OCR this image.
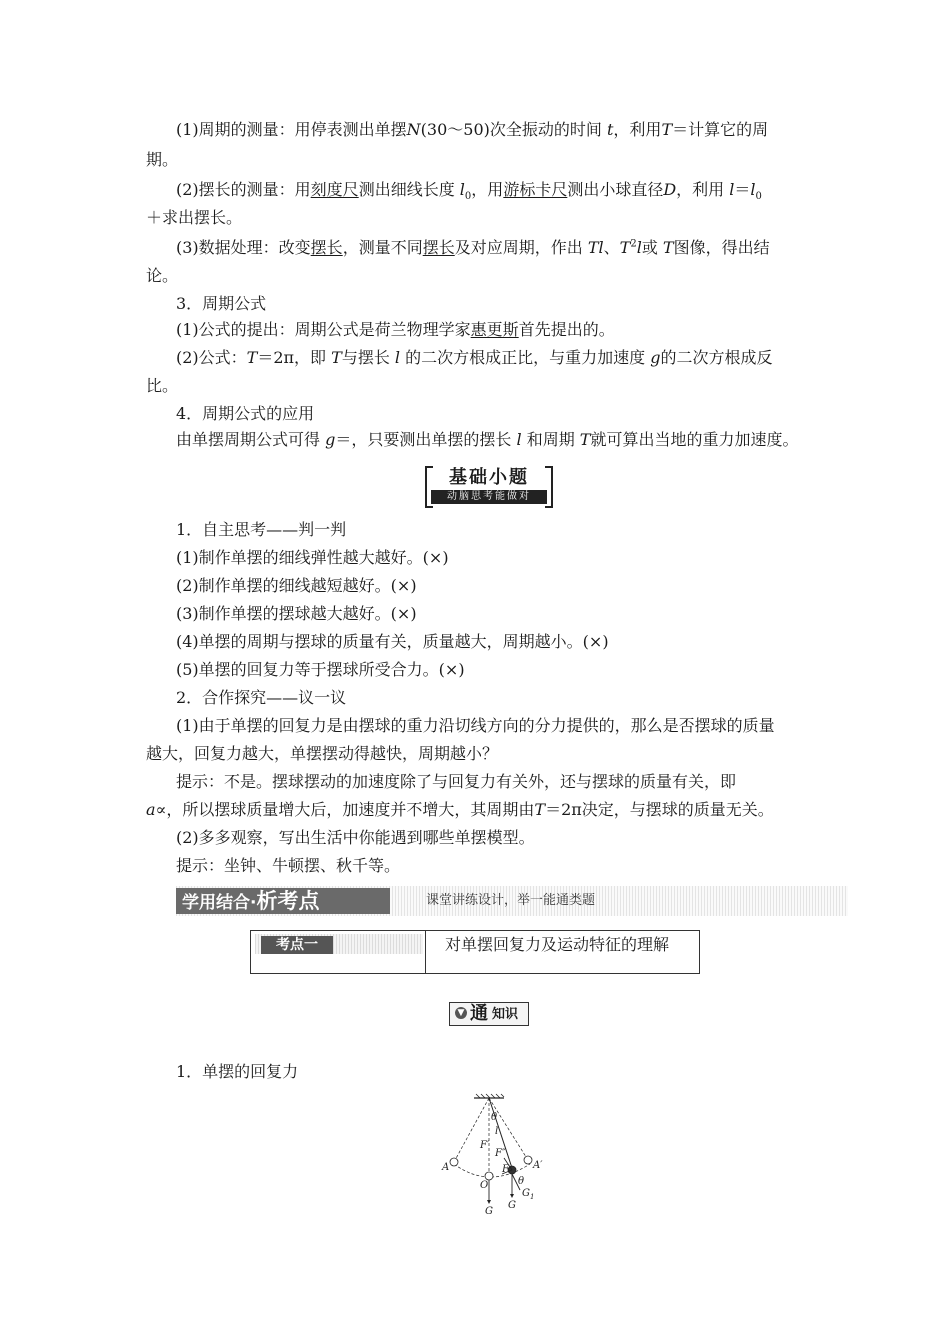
(1)周期的测量：用停表测出单摆N(30～50)次全振动的时间 t，利用T＝计算它的周
期。
(2)摆长的测量：用刻度尺测出细线长度 $l_0$，用游标卡尺测出小球直径D，利用 $l=l_0$
＋求出摆长。
(3)数据处理：改变摆长，测量不同摆长及对应周期，作出 Tl、$T^2l$或 T图像，得出结
论。
3．周期公式
(1)公式的提出：周期公式是荷兰物理学家惠更斯首先提出的。
(2)公式：T＝2π，即 T与摆长 l 的二次方根成正比，与重力加速度 g的二次方根成反
比。
4．周期公式的应用
由单摆周期公式可得 g＝，只要测出单摆的摆长 l 和周期 T就可算出当地的重力加速度。
基础小题
动脑思考能做对
1．自主思考——判一判
(1)制作单摆的细线弹性越大越好。(×)
(2)制作单摆的细线越短越好。(×)
(3)制作单摆的摆球越大越好。(×)
(4)单摆的周期与摆球的质量有关，质量越大，周期越小。(×)
(5)单摆的回复力等于摆球所受合力。(×)
2．合作探究——议一议
(1)由于单摆的回复力是由摆球的重力沿切线方向的分力提供的，那么是否摆球的质量
越大，回复力越大，单摆摆动得越快，周期越小？
提示：不是。摆球摆动的加速度除了与回复力有关外，还与摆球的质量有关，即
a∝，所以摆球质量增大后，加速度并不增大，其周期由T＝2π决定，与摆球的质量无关。
(2)多多观察，写出生活中你能遇到哪些单摆模型。
提示：坐钟、牛顿摆、秋千等。
学用结合·析考点	课堂讲练设计，举一能通类题
考点一	对单摆回复力及运动特征的理解
▼ 通 知识
1．单摆的回复力
θ
l
F′
F″
A	A′
O
F
θ
$G_1$
G
G
